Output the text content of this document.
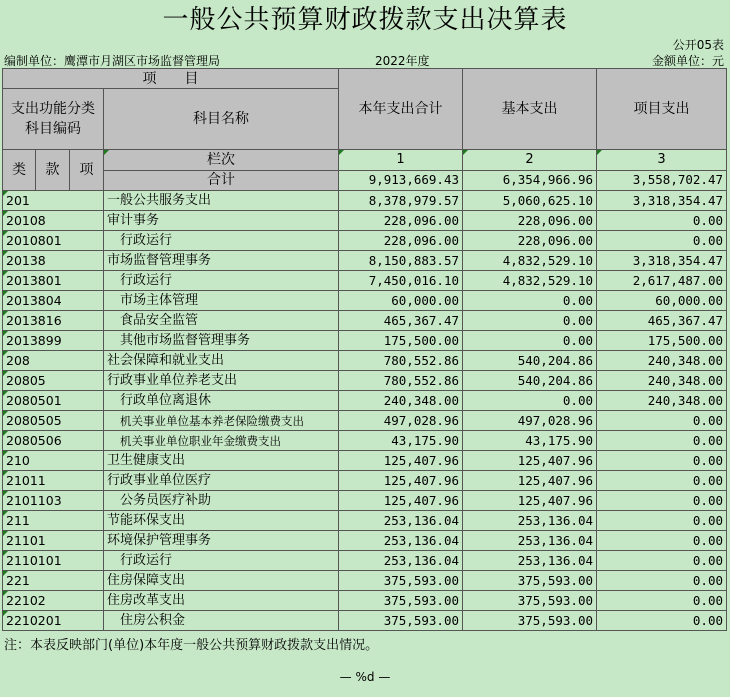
一般公共预算财政拨款支出决算表
公开05表
编制单位：鹰潭市月湖区市场监督管理局	2022年度	金额单位：元
项　　目				本年支出合计	基本支出	项目支出

支出功能分类
科目编码			科目名称			

类	款	项	栏次	1	2	3
			合计	9,913,669.43	6,354,966.96	3,558,702.47
201			一般公共服务支出	8,378,979.57	5,060,625.10	3,318,354.47
20108			审计事务	228,096.00	228,096.00	0.00
2010801			行政运行	228,096.00	228,096.00	0.00
20138			市场监督管理事务	8,150,883.57	4,832,529.10	3,318,354.47
2013801			行政运行	7,450,016.10	4,832,529.10	2,617,487.00
2013804			市场主体管理	60,000.00	0.00	60,000.00
2013816			食品安全监管	465,367.47	0.00	465,367.47
2013899			其他市场监督管理事务	175,500.00	0.00	175,500.00
208			社会保障和就业支出	780,552.86	540,204.86	240,348.00
20805			行政事业单位养老支出	780,552.86	540,204.86	240,348.00
2080501			行政单位离退休	240,348.00	0.00	240,348.00
2080505			机关事业单位基本养老保险缴费支出	497,028.96	497,028.96	0.00
2080506			机关事业单位职业年金缴费支出	43,175.90	43,175.90	0.00
210			卫生健康支出	125,407.96	125,407.96	0.00
21011			行政事业单位医疗	125,407.96	125,407.96	0.00
2101103			公务员医疗补助	125,407.96	125,407.96	0.00
211			节能环保支出	253,136.04	253,136.04	0.00
21101			环境保护管理事务	253,136.04	253,136.04	0.00
2110101			行政运行	253,136.04	253,136.04	0.00
221			住房保障支出	375,593.00	375,593.00	0.00
22102			住房改革支出	375,593.00	375,593.00	0.00
2210201			住房公积金	375,593.00	375,593.00	0.00
注：本表反映部门(单位)本年度一般公共预算财政拨款支出情况。
— %d —
